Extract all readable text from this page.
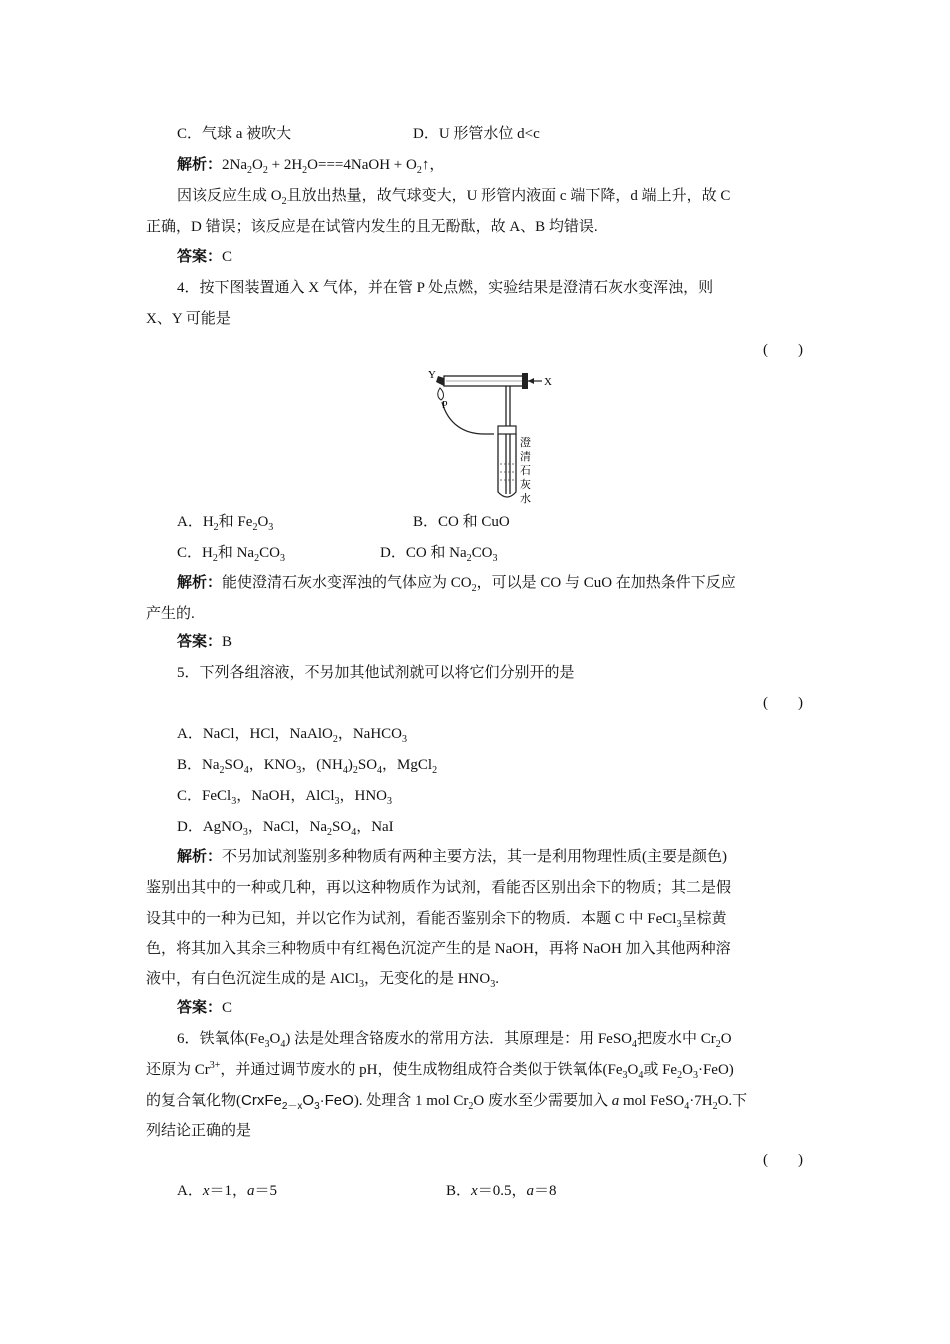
C．气球 a 被吹大	D．U 形管水位 d<c
解析：$2Na_2O_2$ + $2H_2O===4NaOH$ + $O_2↑$，
因该反应生成 $O_2$且放出热量，故气球变大，U 形管内液面 c 端下降，d 端上升，故 C
正确，D 错误；该反应是在试管内发生的且无酚酞，故 A、B 均错误.
答案：C
4．按下图装置通入 X 气体，并在管 P 处点燃，实验结果是澄清石灰水变浑浊，则
X、Y 可能是
(　　)
Y
X
P
澄
清
石
灰
水
A．$H_2$和 $Fe_2O_3$	B．CO 和 CuO
C．$H_2$和 $Na_2CO_3$	D．CO 和 $Na_2CO_3$
解析：能使澄清石灰水变浑浊的气体应为 $CO_2$，可以是 CO 与 CuO 在加热条件下反应
产生的.
答案：B
5．下列各组溶液，不另加其他试剂就可以将它们分别开的是
(　　)
A．NaCl，HCl，NaAlO$_2$，NaHCO$_3$
B．$Na_2SO_4$，$KNO_3$，$(NH_4)_2SO_4$，MgCl$_2$
C．FeCl$_3$，NaOH，AlCl$_3$，$HNO_3$
D．AgNO$_3$，NaCl，$Na_2SO_4$，NaI
解析：不另加试剂鉴别多种物质有两种主要方法，其一是利用物理性质(主要是颜色)
鉴别出其中的一种或几种，再以这种物质作为试剂，看能否区别出余下的物质；其二是假
设其中的一种为已知，并以它作为试剂，看能否鉴别余下的物质．本题 C 中 FeCl$_3$呈棕黄
色，将其加入其余三种物质中有红褐色沉淀产生的是 NaOH，再将 NaOH 加入其他两种溶
液中，有白色沉淀生成的是 AlCl$_3$，无变化的是 $HNO_3$.
答案：C
6．铁氧体$(Fe_3O_4)$ 法是处理含铬废水的常用方法．其原理是：用 FeSO$_4$把废水中 $Cr_2O$
还原为 $Cr^{3+}$，并通过调节废水的 pH，使生成物组成符合类似于铁氧体($Fe_3O_4$或 $Fe_2O_3\cdot FeO$)
的复合氧化物$(CrxFe_{2-x}O_3\cdot FeO)$. 处理含 1 mol $Cr_2O$ 废水至少需要加入 a mol $FeSO_4\cdot 7H_2O$.下
列结论正确的是
(　　)
A．x＝1，a＝5	B．x＝0.5，a＝8
